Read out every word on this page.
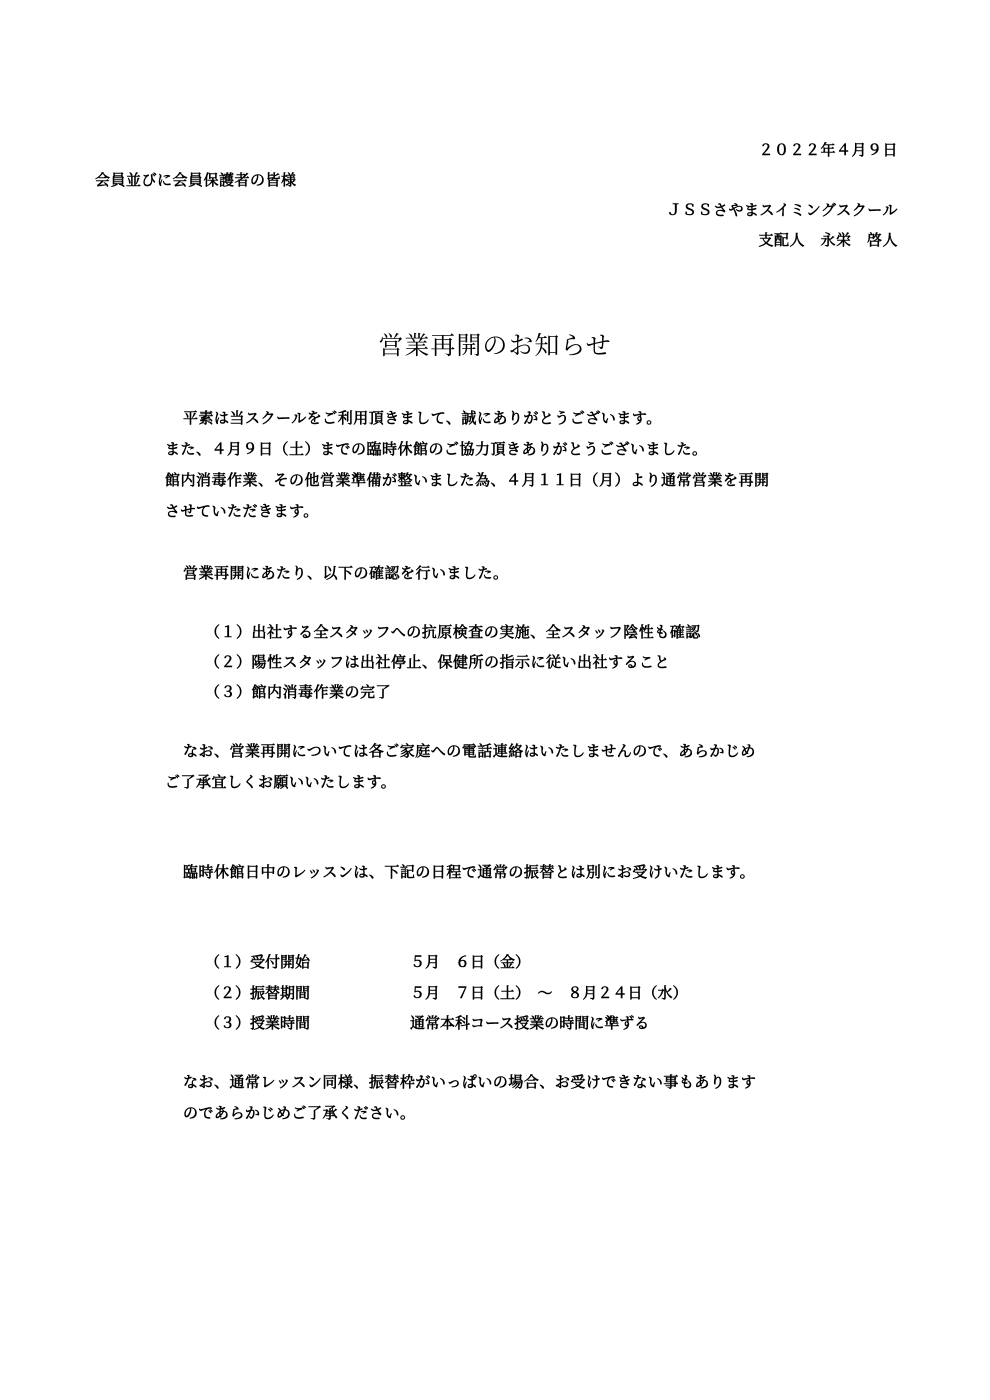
２０２２年４月９日
会員並びに会員保護者の皆様
ＪＳＳさやまスイミングスクール
支配人　永栄　啓人
営業再開のお知らせ
平素は当スクールをご利用頂きまして、誠にありがとうございます。
また、４月９日（土）までの臨時休館のご協力頂きありがとうございました。
館内消毒作業、その他営業準備が整いました為、４月１１日（月）より通常営業を再開
させていただきます。
営業再開にあたり、以下の確認を行いました。
（１）出社する全スタッフへの抗原検査の実施、全スタッフ陰性も確認
（２）陽性スタッフは出社停止、保健所の指示に従い出社すること
（３）館内消毒作業の完了
なお、営業再開については各ご家庭への電話連絡はいたしませんので、あらかじめ
ご了承宜しくお願いいたします。
臨時休館日中のレッスンは、下記の日程で通常の振替とは別にお受けいたします。
（１）受付開始	５月　６日（金）
（２）振替期間	５月　７日（土）　～　８月２４日（水）
（３）授業時間	通常本科コース授業の時間に準ずる
なお、通常レッスン同様、振替枠がいっぱいの場合、お受けできない事もあります
のであらかじめご了承ください。
